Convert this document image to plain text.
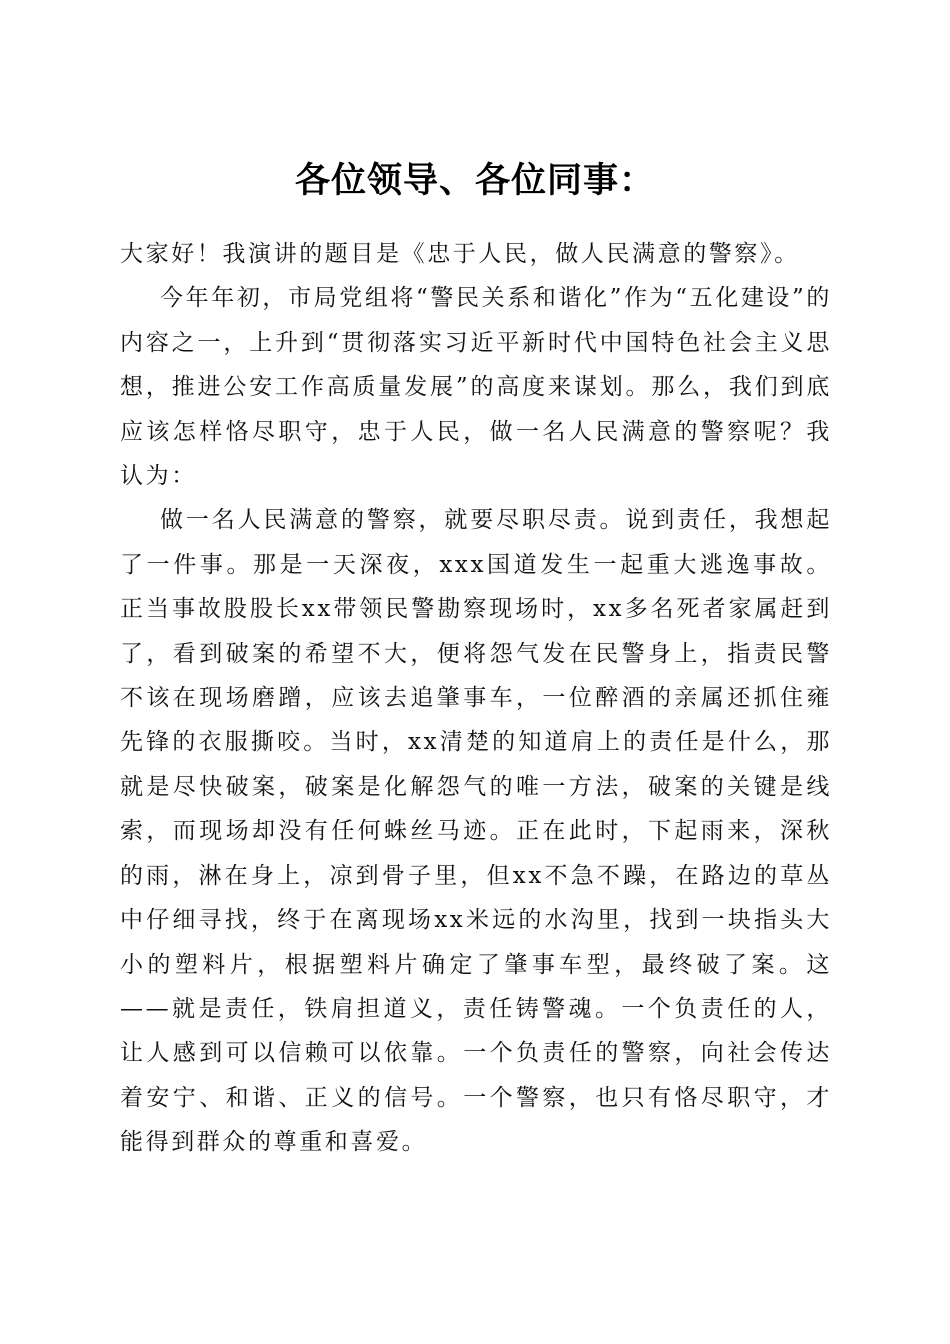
各位领导、各位同事：

大家好！我演讲的题目是《忠于人民，做人民满意的警察》。

今年年初，市局党组将“警民关系和谐化”作为“五化建设”的内容之一，上升到“贯彻落实习近平新时代中国特色社会主义思想，推进公安工作高质量发展”的高度来谋划。那么，我们到底应该怎样恪尽职守，忠于人民，做一名人民满意的警察呢？我认为：

做一名人民满意的警察，就要尽职尽责。说到责任，我想起了一件事。那是一天深夜，xxx国道发生一起重大逃逸事故。正当事故股股长xx带领民警勘察现场时，xx多名死者家属赶到了，看到破案的希望不大，便将怨气发在民警身上，指责民警不该在现场磨蹭，应该去追肇事车，一位醉酒的亲属还抓住雍先锋的衣服撕咬。当时，xx清楚的知道肩上的责任是什么，那就是尽快破案，破案是化解怨气的唯一方法，破案的关键是线索，而现场却没有任何蛛丝马迹。正在此时，下起雨来，深秋的雨，淋在身上，凉到骨子里，但xx不急不躁，在路边的草丛中仔细寻找，终于在离现场xx米远的水沟里，找到一块指头大小的塑料片，根据塑料片确定了肇事车型，最终破了案。这——就是责任，铁肩担道义，责任铸警魂。一个负责任的人，让人感到可以信赖可以依靠。一个负责任的警察，向社会传达着安宁、和谐、正义的信号。一个警察，也只有恪尽职守，才能得到群众的尊重和喜爱。
